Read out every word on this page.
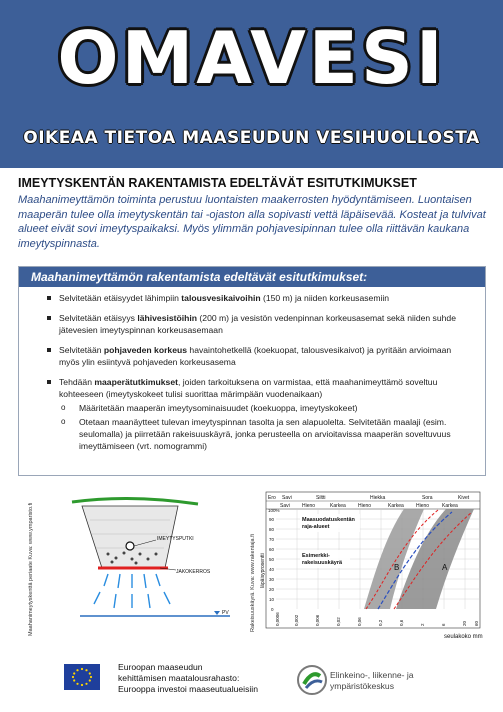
OMAVESI
OIKEAA TIETOA MAASEUDUN VESIHUOLLOSTA
IMEYTYSKENTÄN RAKENTAMISTA EDELTÄVÄT ESITUTKIMUKSET
Maahanimeyttämön toiminta perustuu luontaisten maakerrosten hyödyntämiseen. Luontaisen maaperän tulee olla imeytyskentän tai -ojaston alla sopivasti vettä läpäisevää. Kosteat ja tulvivat alueet eivät sovi imeytyspaikaksi. Myös ylimmän pohjavesipinnan tulee olla riittävän kaukana imeytyspinnasta.
Maahanimeyttämön rakentamista edeltävät esitutkimukset:
Selvitetään etäisyydet lähimpiin talousvesikaivoihin (150 m) ja niiden korkeusasemiin
Selvitetään etäisyys lähivesistöihin (200 m) ja vesistön vedenpinnan korkeusasemat sekä niiden suhde jätevesien imeytyspinnan korkeusasemaan
Selvitetään pohjaveden korkeus havaintohetkellä (koekuopat, talousvesikaivot) ja pyritään arvioimaan myös ylin esiintyvä pohjaveden korkeusasema
Tehdään maaperätutkimukset, joiden tarkoituksena on varmistaa, että maahanimeyttämö soveltuu kohteeseen (imeytyskokeet tulisi suorittaa märimpään vuodenaikaan)
o Määritetään maaperän imeytysominaisuudet (koekuoppa, imeytyskokeet)
o Otetaan maanäytteet tulevan imeytyspinnan tasolta ja sen alapuolelta. Selvitetään maalaji (esim. seulomalla) ja piirretään rakeisuuskäyrä, jonka perusteella on arvioitavissa maaperän soveltuvuus imeyttämiseen (vrt. nomogrammi)
Maahanimeytyskenttä periaate Kuva: www.ymparisto.fi	IMEYTYSPUTKI
JAKOKERROS
PV	Rakeisuuskäyrä. Kuva: www.rakentaja.fi
Ero Savi	Siltti	Hiekka	Sora	Kivet
Savi Hieno	Karkea Hieno	Karkea Hieno	Karkea
B	A
Maasuodatuskentän raja-alueet
Esimerkki-rakeisuuskäyrä
100%
90
80
70
60
50
40
30
20
10
0
läpäisyprosentti
0,0006	0,002	0,006	0,02	0,06	0,2	0,6	2	6	20 60
seulakoko mm
Euroopan maaseudun
kehittämisen maatalousrahasto:
Eurooppa investoi maaseutualueisiin
Elinkeino-, liikenne- ja
ympäristökeskus
